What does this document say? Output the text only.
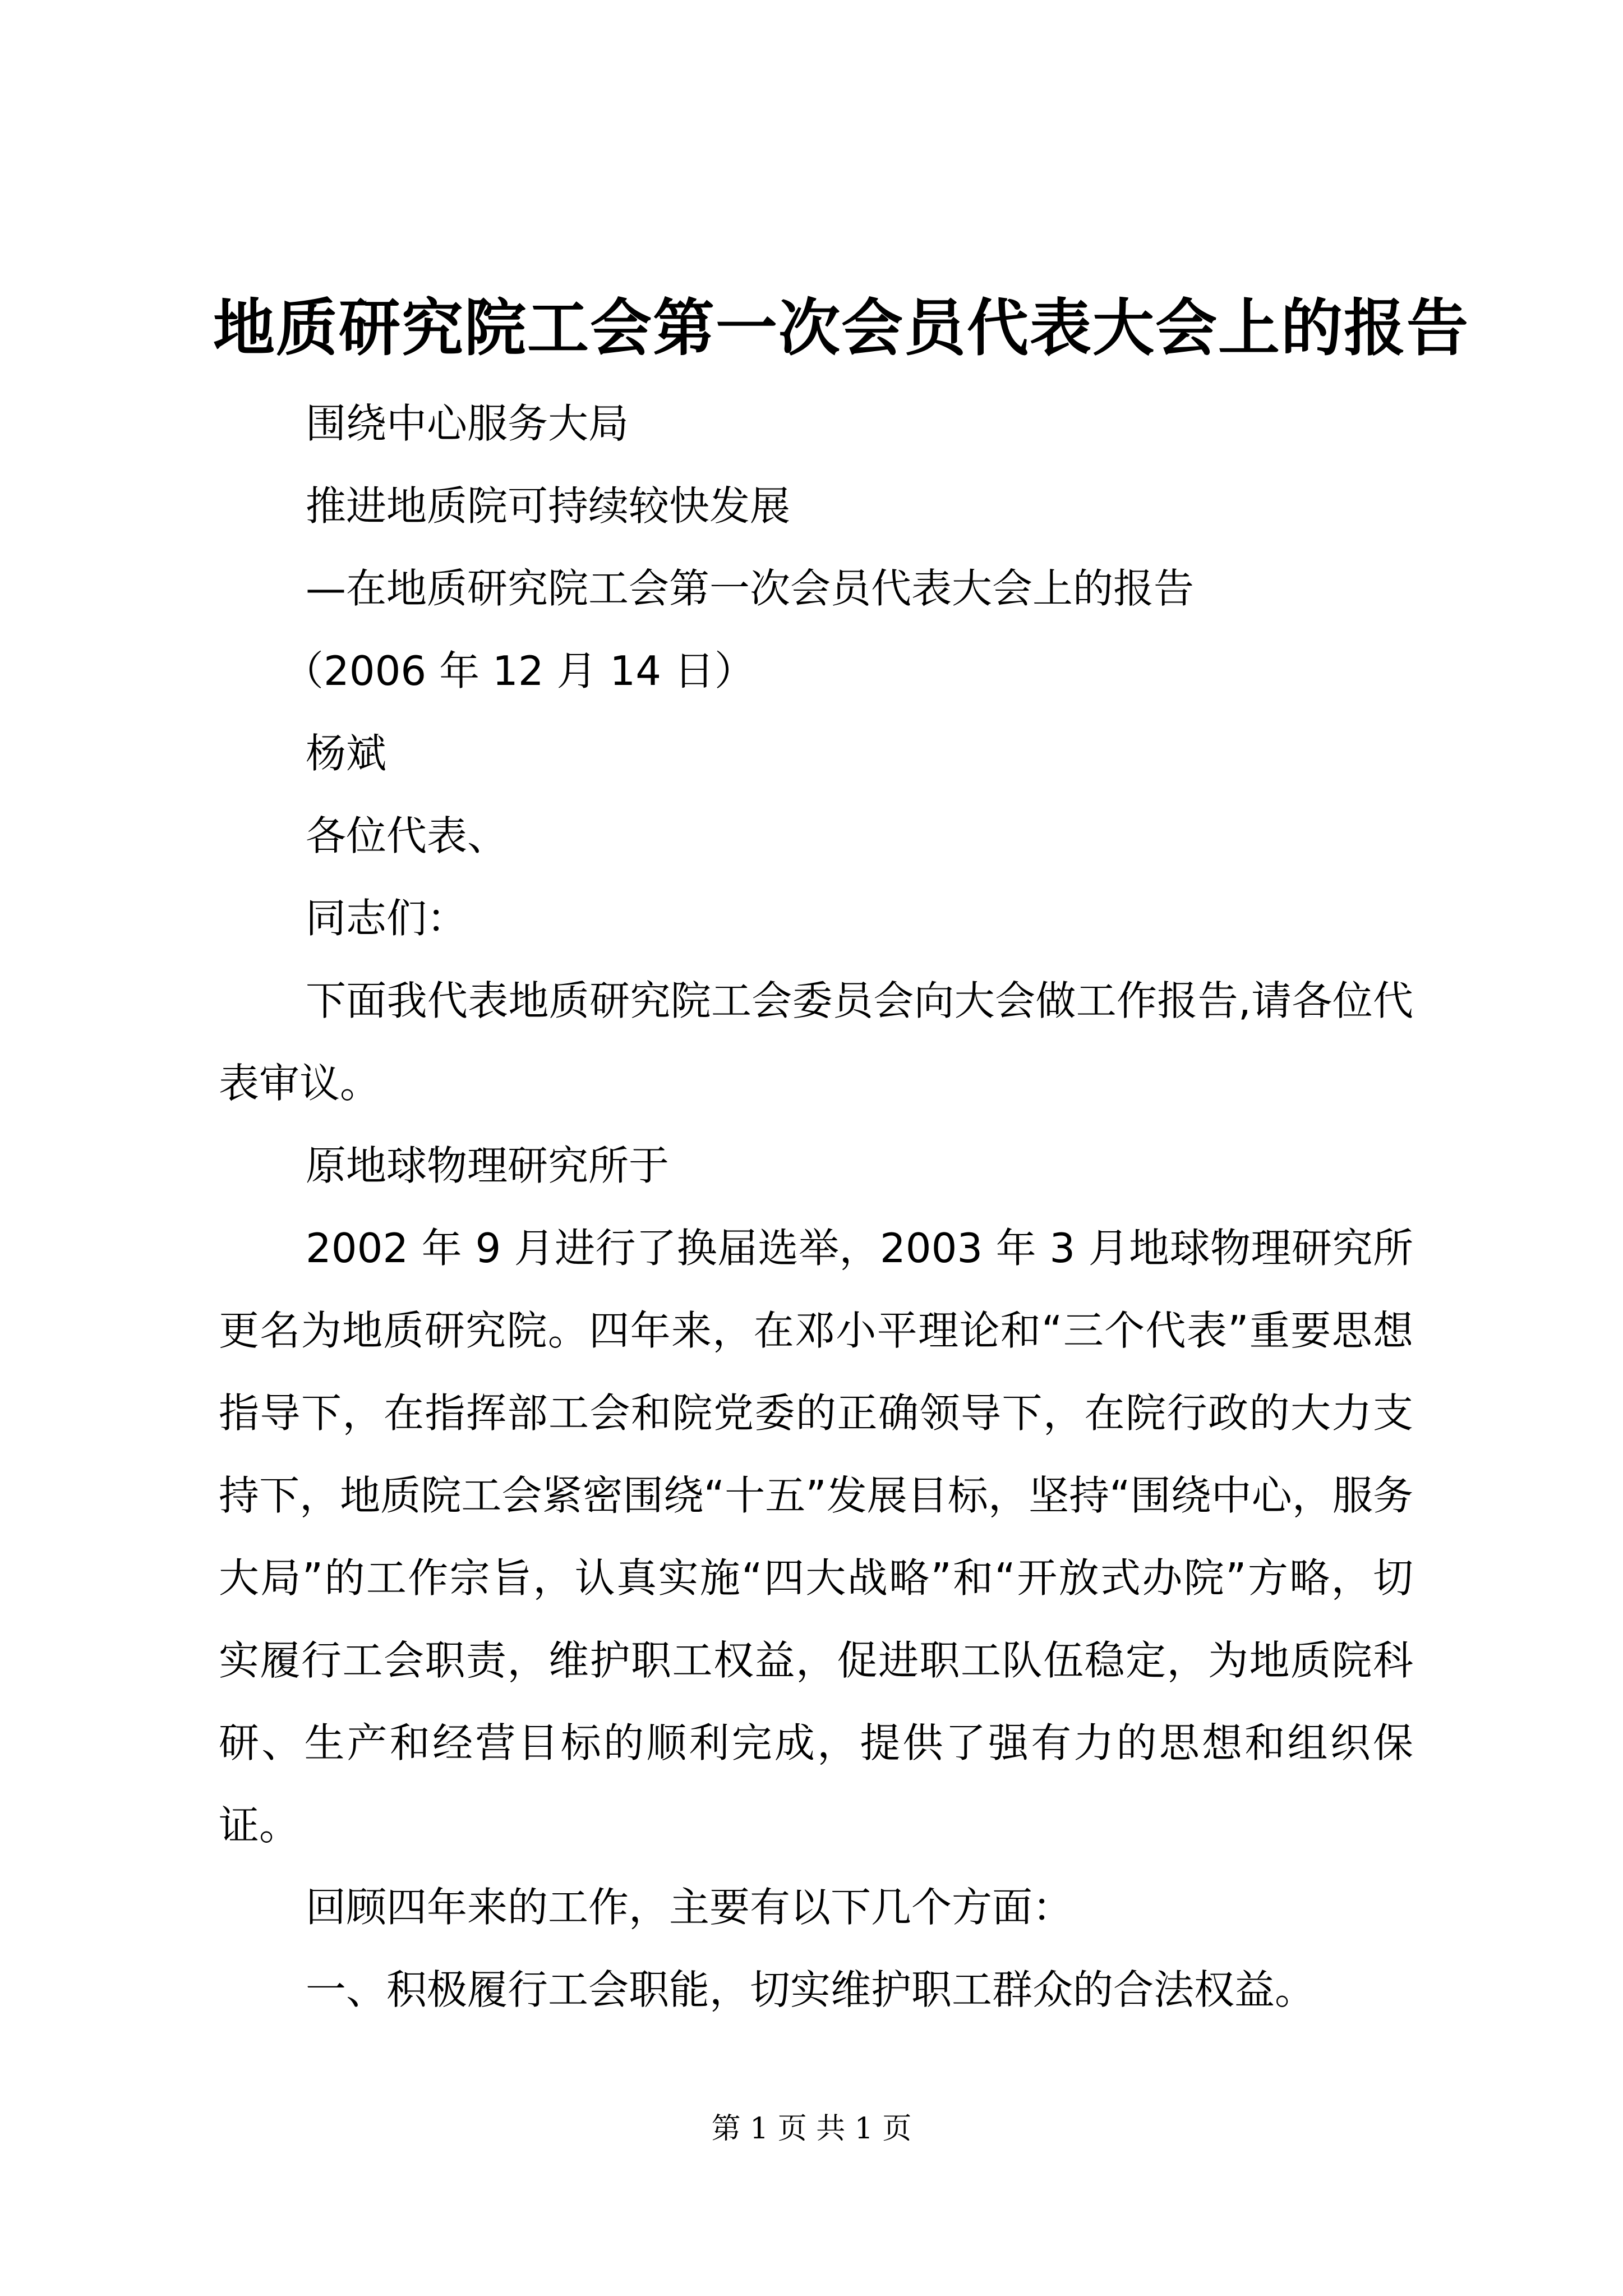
地质研究院工会第一次会员代表大会上的报告
围绕中心服务大局
推进地质院可持续较快发展
—在地质研究院工会第一次会员代表大会上的报告
（2006 年 12 月 14 日）
杨斌
各位代表、
同志们：
下面我代表地质研究院工会委员会向大会做工作报告,请各位代表审议。
原地球物理研究所于
2002 年 9 月进行了换届选举，2003 年 3 月地球物理研究所更名为地质研究院。四年来，在邓小平理论和“三个代表”重要思想指导下，在指挥部工会和院党委的正确领导下，在院行政的大力支持下，地质院工会紧密围绕“十五”发展目标，坚持“围绕中心，服务大局”的工作宗旨，认真实施“四大战略”和“开放式办院”方略，切实履行工会职责，维护职工权益，促进职工队伍稳定，为地质院科研、生产和经营目标的顺利完成，提供了强有力的思想和组织保证。
回顾四年来的工作，主要有以下几个方面：
一、积极履行工会职能，切实维护职工群众的合法权益。
第 1 页 共 1 页
